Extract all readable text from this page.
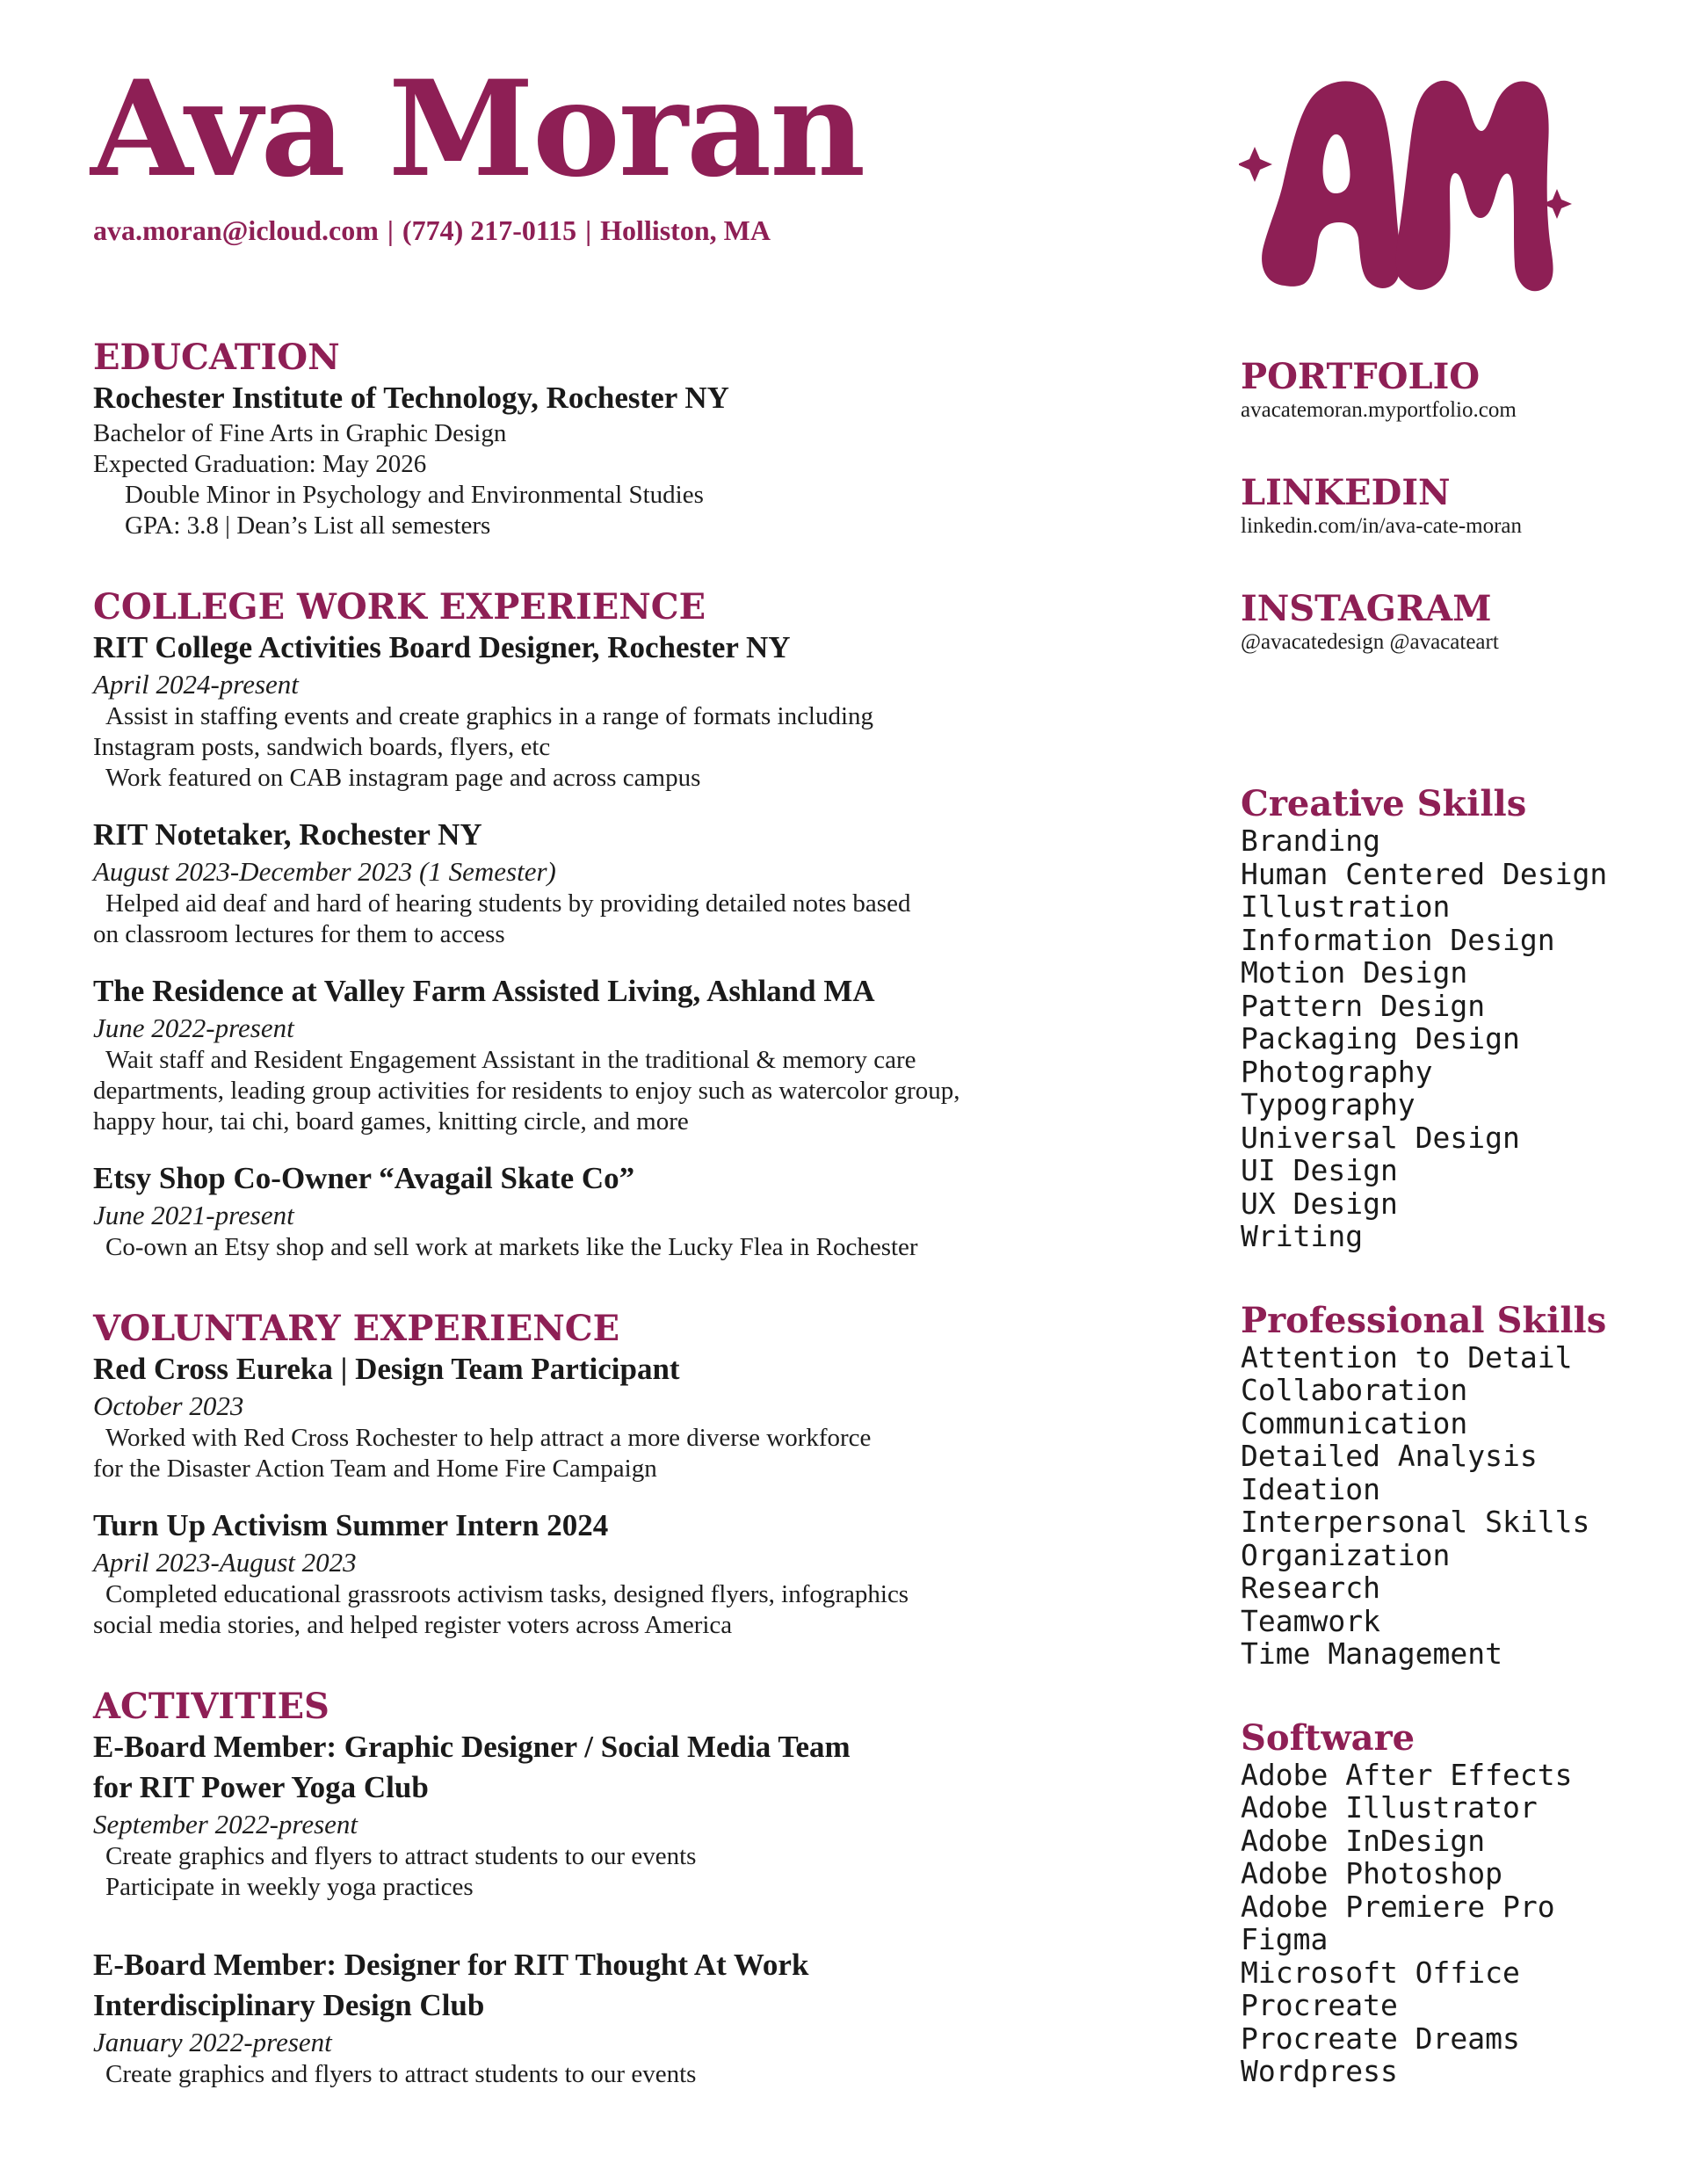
Ava Moran
ava.moran@icloud.com | (774) 217-0115 | Holliston, MA
EDUCATION
Rochester Institute of Technology, Rochester NY
Bachelor of Fine Arts in Graphic Design
Expected Graduation: May 2026
Double Minor in Psychology and Environmental Studies
GPA: 3.8 | Dean’s List all semesters
COLLEGE WORK EXPERIENCE
RIT College Activities Board Designer, Rochester NY
April 2024-present
Assist in staffing events and create graphics in a range of formats including
Instagram posts, sandwich boards, flyers, etc
Work featured on CAB instagram page and across campus
RIT Notetaker, Rochester NY
August 2023-December 2023 (1 Semester)
Helped aid deaf and hard of hearing students by providing detailed notes based
on classroom lectures for them to access
The Residence at Valley Farm Assisted Living, Ashland MA
June 2022-present
Wait staff and Resident Engagement Assistant in the traditional & memory care
departments, leading group activities for residents to enjoy such as watercolor group,
happy hour, tai chi, board games, knitting circle, and more
Etsy Shop Co-Owner “Avagail Skate Co”
June 2021-present
Co-own an Etsy shop and sell work at markets like the Lucky Flea in Rochester
VOLUNTARY EXPERIENCE
Red Cross Eureka | Design Team Participant
October 2023
Worked with Red Cross Rochester to help attract a more diverse workforce
for the Disaster Action Team and Home Fire Campaign
Turn Up Activism Summer Intern 2024
April 2023-August 2023
Completed educational grassroots activism tasks, designed flyers, infographics
social media stories, and helped register voters across America
ACTIVITIES
E-Board Member: Graphic Designer / Social Media Team
for RIT Power Yoga Club
September 2022-present
Create graphics and flyers to attract students to our events
Participate in weekly yoga practices
E-Board Member: Designer for RIT Thought At Work
Interdisciplinary Design Club
January 2022-present
Create graphics and flyers to attract students to our events
PORTFOLIO
avacatemoran.myportfolio.com
LINKEDIN
linkedin.com/in/ava-cate-moran
INSTAGRAM
@avacatedesign @avacateart
Creative Skills
Branding
Human Centered Design
Illustration
Information Design
Motion Design
Pattern Design
Packaging Design
Photography
Typography
Universal Design
UI Design
UX Design
Writing
Professional Skills
Attention to Detail
Collaboration
Communication
Detailed Analysis
Ideation
Interpersonal Skills
Organization
Research
Teamwork
Time Management
Software
Adobe After Effects
Adobe Illustrator
Adobe InDesign
Adobe Photoshop
Adobe Premiere Pro
Figma
Microsoft Office
Procreate
Procreate Dreams
Wordpress
